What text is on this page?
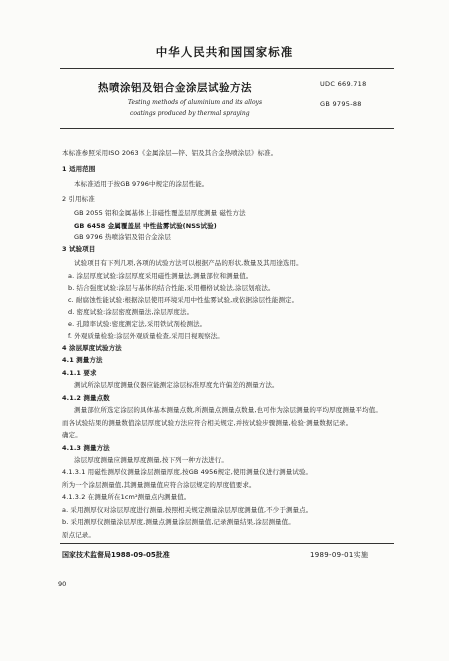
中华人民共和国国家标准
热喷涂铝及铝合金涂层试验方法	UDC 669.718
GB 9795-88
Testing methods of aluminium and its alloys
coatings produced by thermal spraying
本标准参照采用ISO 2063《金属涂层—锌、铝及其合金热喷涂层》标准。
1 适用范围
本标准适用于按GB 9796中规定的涂层性能。
2 引用标准
GB 2055 铝和金属基体上非磁性覆盖层厚度测量 磁性方法
GB 6458 金属覆盖层 中性盐雾试验(NSS试验)
GB 9796 热喷涂铝及铝合金涂层
3 试验项目
试验项目有下列几项,各项的试验方法可以根据产品的形状,数量及其用途选用。
a. 涂层厚度试验:涂层厚度采用磁性测量法,测量部位和测量值。
b. 结合强度试验:涂层与基体的结合性能,采用栅格试验法,涂层划痕法。
c. 耐腐蚀性能试验:根据涂层使用环境采用中性盐雾试验,或依据涂层性能测定。
d. 密度试验:涂层密度测量法,涂层厚度法。
e. 孔隙率试验:密度测定法,采用铁试剂检测法。
f. 外观质量检验:涂层外观质量检查,采用目视观察法。
4 涂层厚度试验方法
4.1 测量方法
4.1.1 要求
测试所涂层厚度测量仪器应能测定涂层标准厚度允许偏差的测量方法。
4.1.2 测量点数
测量部位所选定涂层的具体基本测量点数,所测量点测量点数量,也可作为涂层测量的平均厚度测量平均值。
而各试验结果的测量数值涂层厚度试验方法应符合相关规定,并按试验步骤测量,检验·测量数据记录。
确定。
4.1.3 测量方法
涂层厚度测量应测量厚度测量,按下列一种方法进行。
4.1.3.1 用磁性测厚仪测量涂层测量厚度,按GB 4956规定,使用测量仪进行测量试验。
所为一个涂层测量值,其测量测量值应符合涂层规定的厚度值要求。
4.1.3.2 在测量所在1cm²测量点内测量值。
a. 采用测厚仪对涂层厚度进行测量,按照相关规定测量涂层厚度测量值,不少于测量点。
b. 采用测厚仪测量涂层厚度,测量点测量涂层测量值,记录测量结果,涂层测量值。
原点记录。
国家技术监督局1988-09-05批准	1989-09-01实施
90
